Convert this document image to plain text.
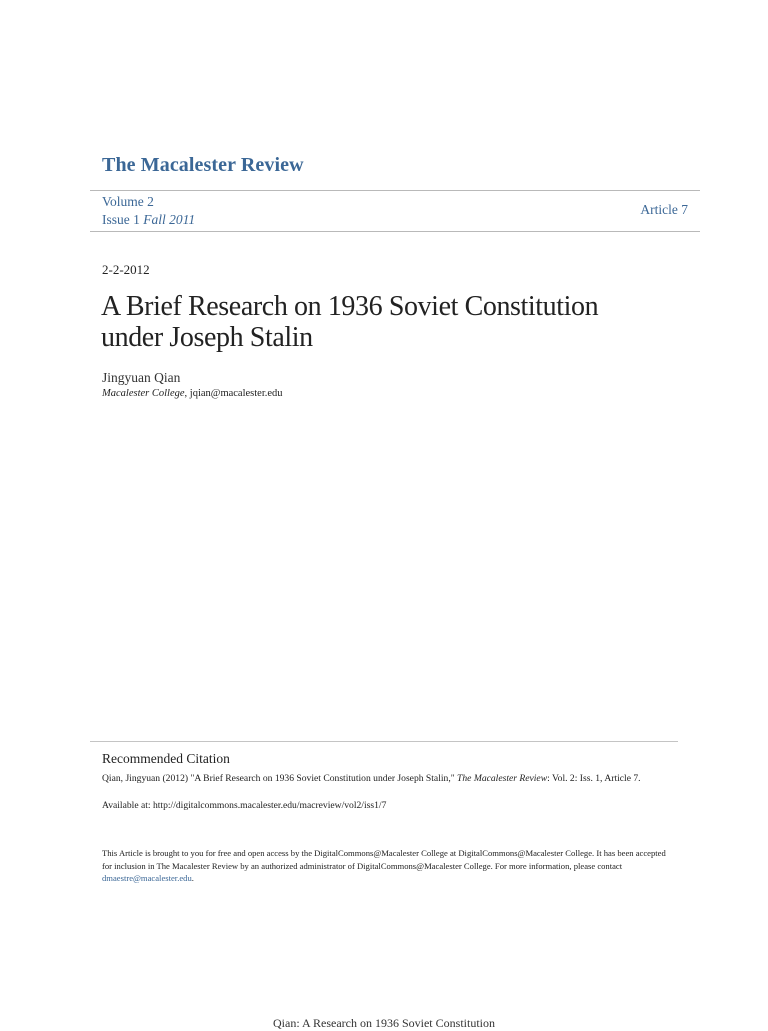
The Macalester Review
Volume 2
Issue 1 Fall 2011
Article 7
2-2-2012
A Brief Research on 1936 Soviet Constitution under Joseph Stalin
Jingyuan Qian
Macalester College, jqian@macalester.edu
Recommended Citation
Qian, Jingyuan (2012) "A Brief Research on 1936 Soviet Constitution under Joseph Stalin," The Macalester Review: Vol. 2: Iss. 1, Article 7.
Available at: http://digitalcommons.macalester.edu/macreview/vol2/iss1/7
This Article is brought to you for free and open access by the DigitalCommons@Macalester College at DigitalCommons@Macalester College. It has been accepted for inclusion in The Macalester Review by an authorized administrator of DigitalCommons@Macalester College. For more information, please contact dmaestre@macalester.edu.
Qian: A Research on 1936 Soviet Constitution
